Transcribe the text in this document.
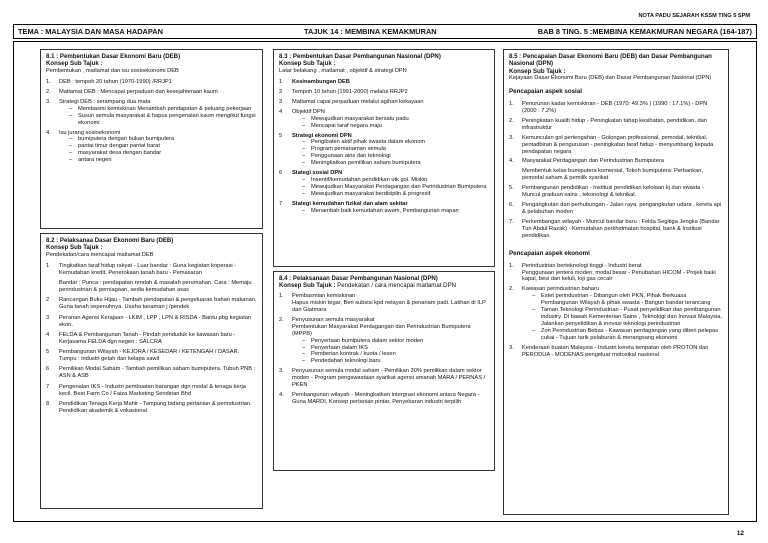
NOTA PADU SEJARAH KSSM TING 5 SPM
TEMA : MALAYSIA DAN MASA HADAPAN	TAJUK 14 : MEMBINA KEMAKMURAN	BAB 8 TING. 5 :MEMBINA KEMAKMURAN NEGARA (164-187)
8.1 : Pembentukan Dasar Ekonomi Baru (DEB)
Konsep Sub Tajuk :
Pembentukan , matlamat dan isu sosioekonomi DEB
1.	DEB : tempoh 20 tahun (1970-1990) /RRJP1
2.	Matlamat DEB : Mencapai perpaduan dan kesejahteraan kaum
3.	Strategi DEB : serampang dua mata
–	Membasmi kemiskinan Menambah pendapatan & peluang pekerjaan
–	Susun semula masyarakat & hapus pengenalan kaum mengikut fungsi ekonomi
4.	Isu jurang sosioekonomi
–	bumiputera dengan bukan bumiputera
–	pantai timur dengan pantai barat
–	masyarakat desa dengan bandar
–	antara negeri
8.2 : Pelaksanaa Dasar Ekonomi Baru (DEB)
Konsep Sub Tajuk :
Pendekatan/cara mencapai matlamat DEB
1	Tingkatkan taraf hidup rakyat - Luar bandar : Guna kegiatan koperasi - Kemudahan kredit. Penerokaan tanah baru - Pemasaran
Bandar : Punca : pendapatan rendah & masalah perumahan. Cara : Memaju perindustrian & perniagaan, sedia kemudahan asas
2	Rancangan Buku Hijau - Tambah pendapatan & pengeluaran bahan makanan. Guna tanah sepenuhnya. Usaha tanaman j /pendek
3	Peranan Agensi Kerajaan - LKIM , LPP , LPN & RISDA - Bantu pbg kegiatan ekon.
4	FELDA & Pembangunan Tanah - Pindah penduduk ke kawasan baru - Kerjasama FELDA dgn negeri : SALCRA
5	Pembangunan Wilayah - KEJORA / KESEDAR / KETENGAH / DASAR. Tumpu : industri getah dan kelapa sawit
6	Pemilikan Modal Saham - Tambah pemilikan saham bumiputera. Tubuh PNB : ASN & ASB
7	Pengenalan IKS - Industri pembuatan barangan dgn modal & tenaga kerja kecil. Best Farm Co / Faiza Marketing Sendirian Bhd
8	Pendidikan Tenaga Kerja Mahir - Tampung bidang pertanian & perindustrian. Pendidikan akademik & vokasional
8.3 : Pembentukan Dasar Pembangunan Nasional (DPN)
Konsep Sub Tajuk :
Latar belakang , matlamat , objektif & strategi DPN
1	Kesinambungan DEB
2	Tempoh 10 tahun (1991-2000) melalui RRJP2
3	Matlamat capai perpaduan melalui agihan kekayaan
4	Objektif DPN
–	Mewujudkan masyarakat bersatu padu
–	Mencapai taraf negara maju
5	Strategi ekonomi DPN
–	Pengibaten aktif pihak swasta dalam ekonom
–	Program pemanaman semula
–	Penggunaan ains dan teknologi
–	Meningkatkan pemilikan saham bumiputera
6	Stategi sosial DPN
–	Insentif/kemudahan pendidikan utk gol. Miskin
–	Mewujudkan Masyarakat Perdagangan dan Perindustrian Bumiputera
–	Mewujudkan masyarakat berdisiplin & progresif
7	Stategi kemudahan fizikal dan alam sekitar
–	Menambah baik kemudahan awam, Pembangunan mapan
8.4 : Pelaksanaan Dasar Pembangunan Nasional (DPN)
Konsep Sub Tajuk : Pendekatan / cara mencapai matlamat DPN
1.	Pembasmian kemiskinan
Hapus miskin tegar, Beri subsisi kpd nelayan & penanam padi. Latihan di ILP dan Giatmara
2.	Penyusunan semula masyarakat
Pembentukan Masyarakat Perdagangan dan Perindustrian Bumiputera (MPPB)
–	Penyertaan bumiputera dalam sektor moden
–	Penyertaan dalam IKS
–	Pemberian kontrak / kuota / lesen
–	Pendedahan teknologi baru
3.	Penyusunan semula modal saham - Pemilikan 30% pemilikan dalam sektor moden - Program pengswastaan syarikat agensi amanah MARA / PERNAS / PKEN
4.	Pembangunan wilayah - Meningkatkan intergrasi ekonomi antara Negara - Guna MARDI, Konsep pertanian pintar, Penyebaran industri terpilih
8.5 : Pencapaian Dasar Ekonomi Baru (DEB) dan Dasar Pembangunan Nasional (DPN)
Konsep Sub Tajuk :
Kejayaan Dasar Ekonomi Baru (DEB) dan Dasar Pembangunan Nasional (DPN)
Pencapaian aspek sosial
1.	Penurunan kadar kemiskinan - DEB (1970: 49.3% ) (1990 : 17.1%) - DPN (2000 : 7.2%)
2.	Peningkatan kualiti hidup - Peningkatan tahap kesihatan, pendidikan, dan infrastruktur
3.	Kemunculan gol pertengahan - Golongan professional, pemodal, teknikal, pentadbiran & pengurusan - peningkatan taraf hidup - menyumbang kepada pendapatan negara
4.	Masyarakat Perdagangan dan Perindustrian Bumiputera
Membentuk kelas bumiputera komersial, Tokoh bumiputera: Perbankan, pemodal saham & pemilik syarikat
5.	Pembangunan pendidikan - Institusi pendidikan kelolaan kj dan swasta - Muncul graduan sains , tekonologi & teknikal.
6.	Pengangkutan dan perhubungan - Jalan raya, pengangkutan udara , kereta api & pelabuhan moden
7.	Perkembangan wilayah - Muncul bandar baru : Felda Segitiga Jengka (Bandar Tun Abdul Razak) - Kemudahan perkhidmatan hospital, bank & Institusi pendidikan
Pencapaian aspek ekonomi
1.	Perindustrian berteknologi tinggi - Industri berat
Penggunaan jentera moden, modal besar - Penubahan HICOM - Projek baiki kapal, besi dan keluli, loji gas cecair
2.	Kawasan perindustrian baharu
–	Estet perindustrian - Dibangun oleh PKN, Pihak Berkuasa Pembangunan Wilayah & pihak swasta - Bangun bandar terancang
–	Taman Teknologi Perindustrian - Pusat penyelidikan dan pembangunan industry. Di bawah Kementerian Sains , Teknologi dan Inovasi Malaysia, Jalankan penyelidikan & inovasi teknologi perindustrian
–	Zon Perindustrian Bebas - Kawasan perdagangan yang diberi pelepas cukai - Tujuan tarik pelaburan & merangsang ekonomi
3.	Kenderaan buatan Malaysia - Industri kereta tempatan oleh PROTON dan PERODUA - MODENAS pengeluar motosikal nasional
12
